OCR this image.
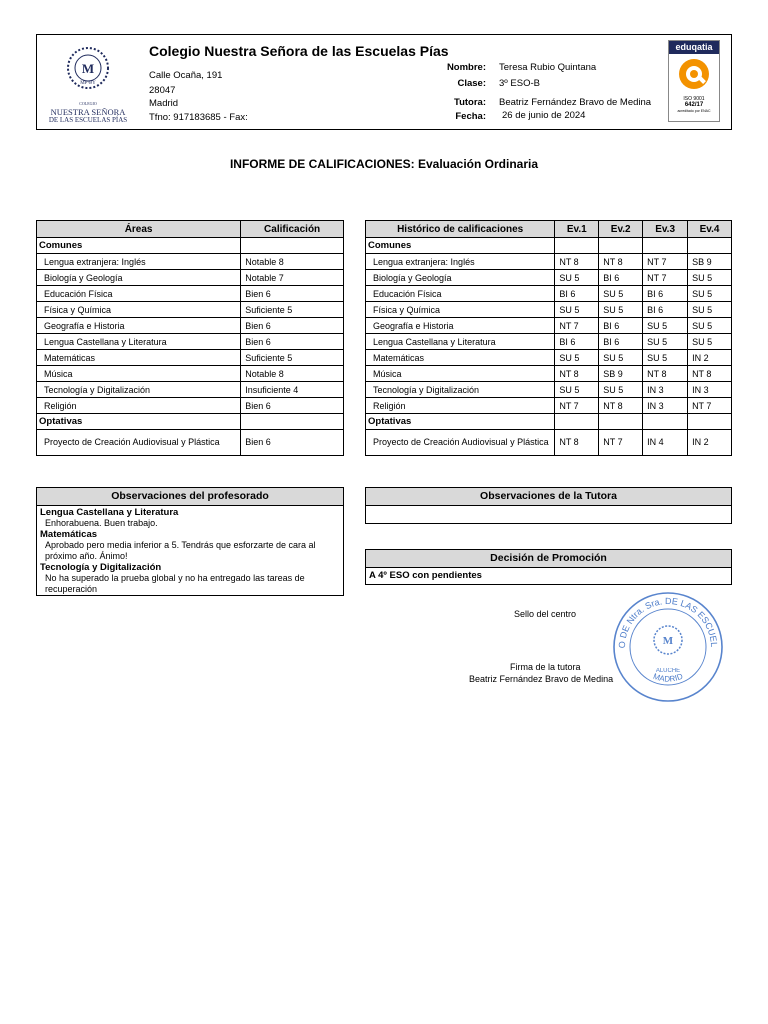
M
MP ΘY
COLEGIO
NUESTRA SEÑORA
DE LAS ESCUELAS PÍAS
Colegio Nuestra Señora de las Escuelas Pías
Calle Ocaña, 191
28047
Madrid
Tfno: 917183685 - Fax:
Nombre: Teresa Rubio Quintana
Clase: 3º ESO-B
Tutora: Beatriz Fernández Bravo de Medina
Fecha: 26 de junio de 2024
eduqatia
ISO 9001
642/17
acreditado por ENAC
INFORME DE CALIFICACIONES: Evaluación Ordinaria
Áreas	Calificación
Comunes	
Lengua extranjera: Inglés	Notable 8
Biología y Geología	Notable 7
Educación Física	Bien 6
Física y Química	Suficiente 5
Geografía e Historia	Bien 6
Lengua Castellana y Literatura	Bien 6
Matemáticas	Suficiente 5
Música	Notable 8
Tecnología y Digitalización	Insuficiente 4
Religión	Bien 6
Optativas	
Proyecto de Creación Audiovisual y Plástica	Bien 6
Histórico de calificaciones	Ev.1	Ev.2	Ev.3	Ev.4
Comunes				
Lengua extranjera: Inglés	NT 8	NT 8	NT 7	SB 9
Biología y Geología	SU 5	BI 6	NT 7	SU 5
Educación Física	BI 6	SU 5	BI 6	SU 5
Física y Química	SU 5	SU 5	BI 6	SU 5
Geografía e Historia	NT 7	BI 6	SU 5	SU 5
Lengua Castellana y Literatura	BI 6	BI 6	SU 5	SU 5
Matemáticas	SU 5	SU 5	SU 5	IN 2
Música	NT 8	SB 9	NT 8	NT 8
Tecnología y Digitalización	SU 5	SU 5	IN 3	IN 3
Religión	NT 7	NT 8	IN 3	NT 7
Optativas				
Proyecto de Creación Audiovisual y Plástica	NT 8	NT 7	IN 4	IN 2
Observaciones del profesorado
Lengua Castellana y Literatura
Enhorabuena. Buen trabajo.
Matemáticas
Aprobado pero media inferior a 5. Tendrás que esforzarte de cara al próximo año. Ánimo!
Tecnología y Digitalización
No ha superado la prueba global y no ha entregado las tareas de recuperación
Observaciones de la Tutora
Decisión de Promoción
A 4º ESO con pendientes
Sello del centro
Firma de la tutora
Beatriz Fernández Bravo de Medina
O DE Ntra. Sra. DE LAS ESCUEL
MADRID
M
ALUCHE
